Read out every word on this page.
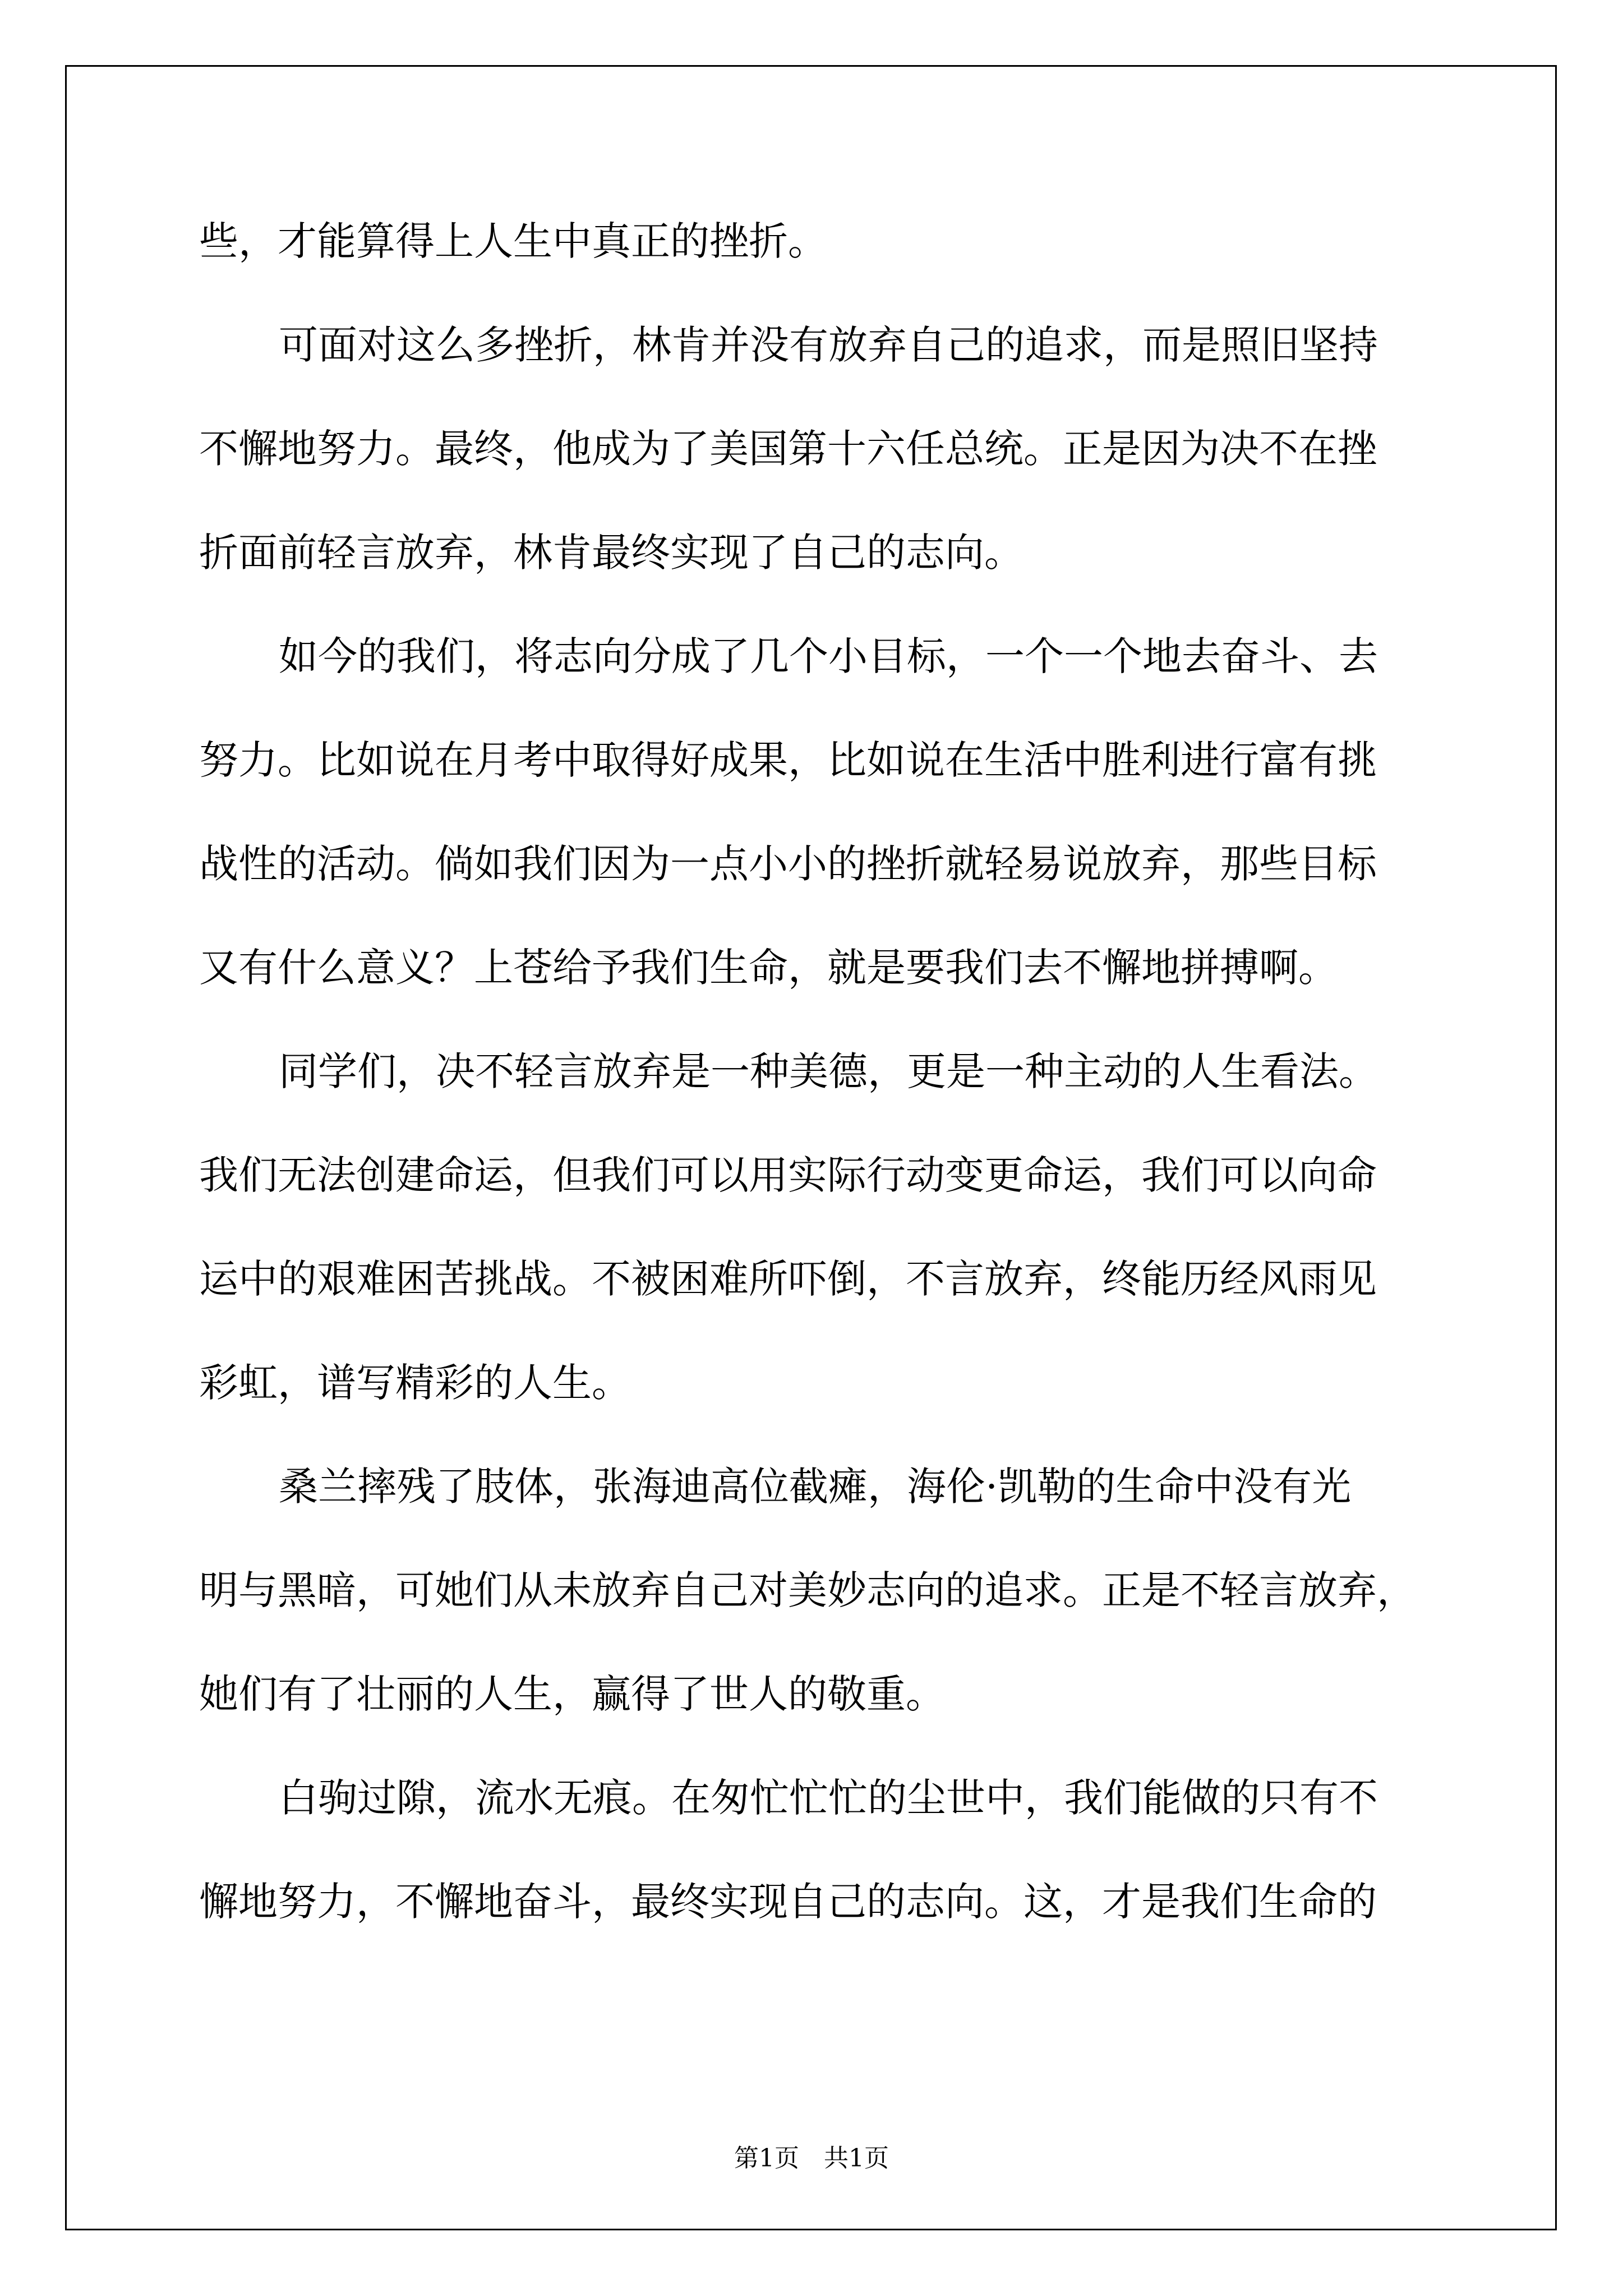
些，才能算得上人生中真正的挫折。
可面对这么多挫折，林肯并没有放弃自己的追求，而是照旧坚持
不懈地努力。最终，他成为了美国第十六任总统。正是因为决不在挫
折面前轻言放弃，林肯最终实现了自己的志向。
如今的我们，将志向分成了几个小目标，一个一个地去奋斗、去
努力。比如说在月考中取得好成果，比如说在生活中胜利进行富有挑
战性的活动。倘如我们因为一点小小的挫折就轻易说放弃，那些目标
又有什么意义？上苍给予我们生命，就是要我们去不懈地拼搏啊。
同学们，决不轻言放弃是一种美德，更是一种主动的人生看法。
我们无法创建命运，但我们可以用实际行动变更命运，我们可以向命
运中的艰难困苦挑战。不被困难所吓倒，不言放弃，终能历经风雨见
彩虹，谱写精彩的人生。
桑兰摔残了肢体，张海迪高位截瘫，海伦·凯勒的生命中没有光
明与黑暗，可她们从未放弃自己对美妙志向的追求。正是不轻言放弃，
她们有了壮丽的人生，赢得了世人的敬重。
白驹过隙，流水无痕。在匆忙忙忙的尘世中，我们能做的只有不
懈地努力，不懈地奋斗，最终实现自己的志向。这，才是我们生命的
第1页 共1页
